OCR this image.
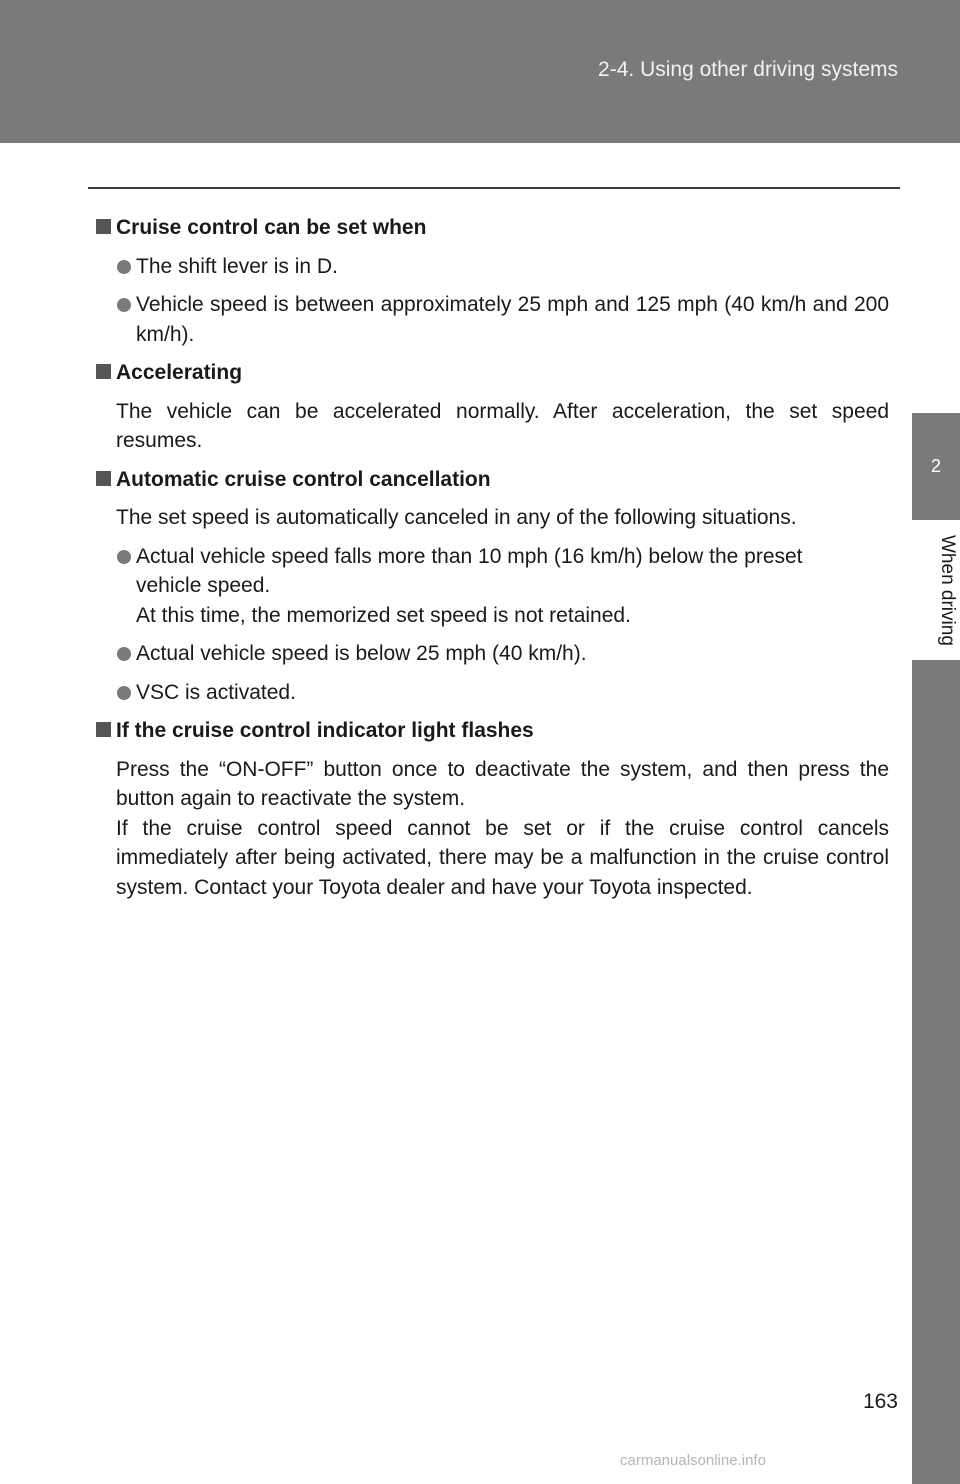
2-4. Using other driving systems
2
When driving
Cruise control can be set when
The shift lever is in D.
Vehicle speed is between approximately 25 mph and 125 mph (40 km/h and 200 km/h).
Accelerating
The vehicle can be accelerated normally. After acceleration, the set speed resumes.
Automatic cruise control cancellation
The set speed is automatically canceled in any of the following situations.
Actual vehicle speed falls more than 10 mph (16 km/h) below the preset vehicle speed.
At this time, the memorized set speed is not retained.
Actual vehicle speed is below 25 mph (40 km/h).
VSC is activated.
If the cruise control indicator light flashes
Press the “ON-OFF” button once to deactivate the system, and then press the button again to reactivate the system.
If the cruise control speed cannot be set or if the cruise control cancels immediately after being activated, there may be a malfunction in the cruise control system. Contact your Toyota dealer and have your Toyota inspected.
163
carmanualsonline.info
